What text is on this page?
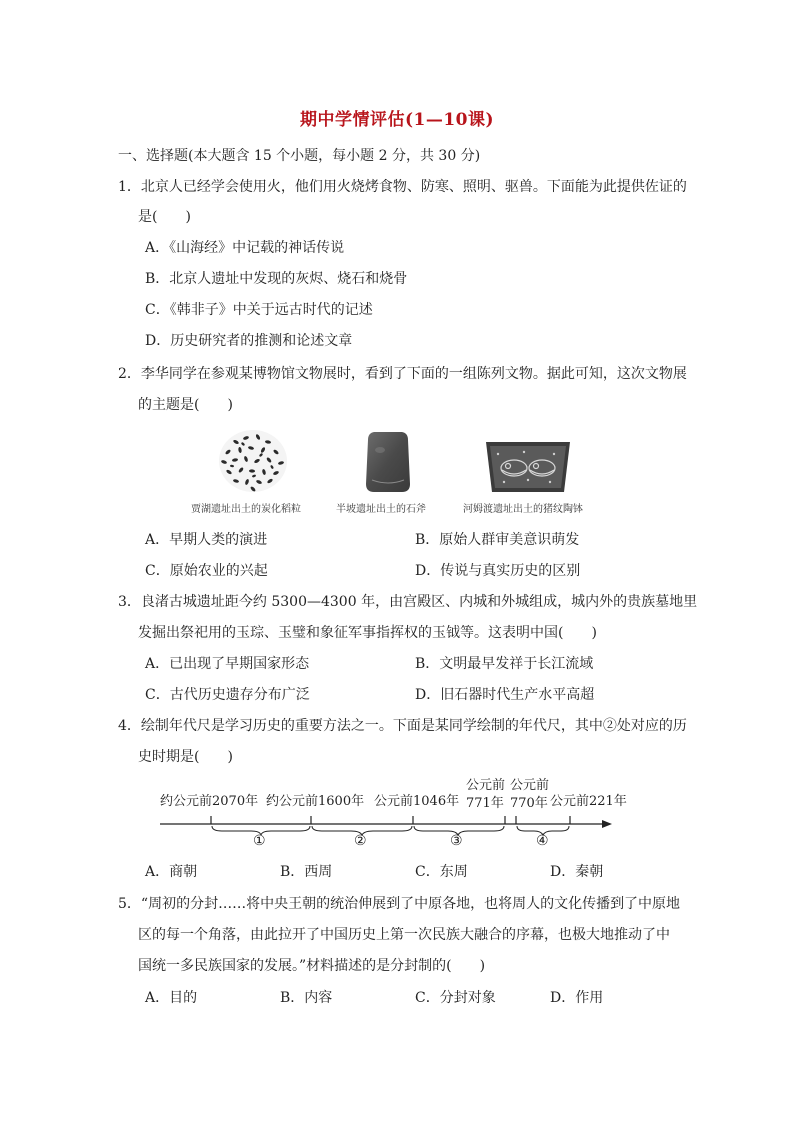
期中学情评估(1—10课)
一、选择题(本大题含 15 个小题，每小题 2 分，共 30 分)
1．北京人已经学会使用火，他们用火烧烤食物、防寒、照明、驱兽。下面能为此提供佐证的
是(　　)
A．《山海经》中记载的神话传说
B．北京人遗址中发现的灰烬、烧石和烧骨
C．《韩非子》中关于远古时代的记述
D．历史研究者的推测和论述文章
2．李华同学在参观某博物馆文物展时，看到了下面的一组陈列文物。据此可知，这次文物展
的主题是(　　)
贾湖遗址出土的炭化稻粒	半坡遗址出土的石斧	河姆渡遗址出土的猪纹陶钵
A．早期人类的演进	B．原始人群审美意识萌发
C．原始农业的兴起	D．传说与真实历史的区别
3．良渚古城遗址距今约 5300—4300 年，由宫殿区、内城和外城组成，城内外的贵族墓地里
发掘出祭祀用的玉琮、玉璧和象征军事指挥权的玉钺等。这表明中国(　　)
A．已出现了早期国家形态	B．文明最早发祥于长江流域
C．古代历史遗存分布广泛	D．旧石器时代生产水平高超
4．绘制年代尺是学习历史的重要方法之一。下面是某同学绘制的年代尺，其中②处对应的历
史时期是(　　)
约公元前2070年 约公元前1600年 公元前1046年
公元前
771年
公元前
770年 公元前221年
①	②	③	④
A．商朝	B．西周	C．东周	D．秦朝
5．“周初的分封……将中央王朝的统治伸展到了中原各地，也将周人的文化传播到了中原地
区的每一个角落，由此拉开了中国历史上第一次民族大融合的序幕，也极大地推动了中
国统一多民族国家的发展。”材料描述的是分封制的(　　)
A．目的	B．内容	C．分封对象	D．作用
